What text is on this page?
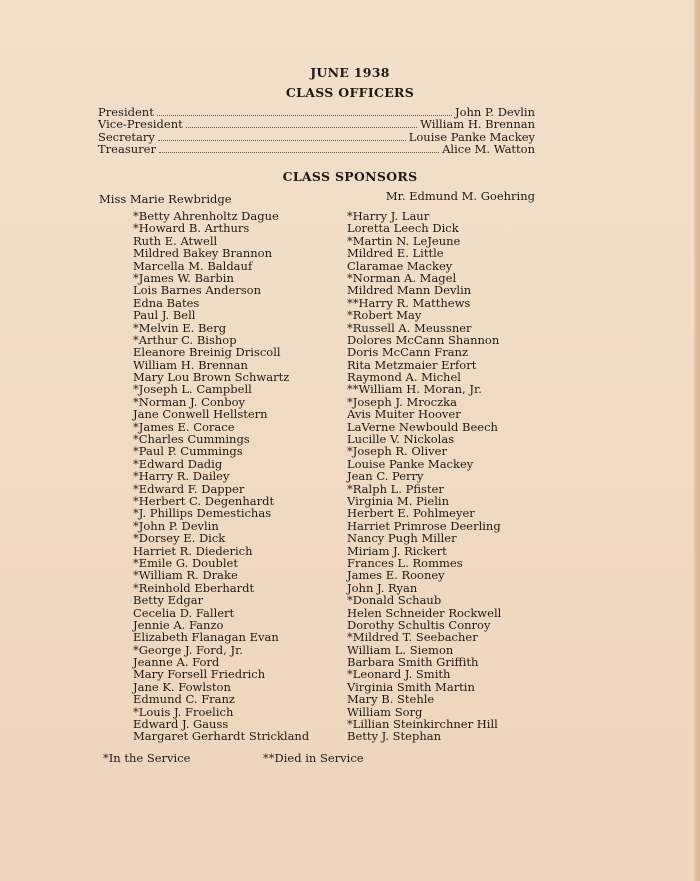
JUNE 1938
CLASS OFFICERS
President	John P. Devlin
Vice-President	William H. Brennan
Secretary	Louise Panke Mackey
Treasurer	Alice M. Watton
CLASS SPONSORS
Miss Marie Rewbridge	Mr. Edmund M. Goehring
*Betty Ahrenholtz Dague
*Howard B. Arthurs
Ruth E. Atwell
Mildred Bakey Brannon
Marcella M. Baldauf
*James W. Barbin
Lois Barnes Anderson
Edna Bates
Paul J. Bell
*Melvin E. Berg
*Arthur C. Bishop
Eleanore Breinig Driscoll
William H. Brennan
Mary Lou Brown Schwartz
*Joseph L. Campbell
*Norman J. Conboy
Jane Conwell Hellstern
*James E. Corace
*Charles Cummings
*Paul P. Cummings
*Edward Dadig
*Harry R. Dailey
*Edward F. Dapper
*Herbert C. Degenhardt
*J. Phillips Demestichas
*John P. Devlin
*Dorsey E. Dick
Harriet R. Diederich
*Emile G. Doublet
*William R. Drake
*Reinhold Eberhardt
Betty Edgar
Cecelia D. Fallert
Jennie A. Fanzo
Elizabeth Flanagan Evan
*George J. Ford, Jr.
Jeanne A. Ford
Mary Forsell Friedrich
Jane K. Fowlston
Edmund C. Franz
*Louis J. Froelich
Edward J. Gauss
Margaret Gerhardt Strickland
*Harry J. Laur
Loretta Leech Dick
*Martin N. LeJeune
Mildred E. Little
Claramae Mackey
*Norman A. Magel
Mildred Mann Devlin
**Harry R. Matthews
*Robert May
*Russell A. Meussner
Dolores McCann Shannon
Doris McCann Franz
Rita Metzmaier Erfort
Raymond A. Michel
**William H. Moran, Jr.
*Joseph J. Mroczka
Avis Muiter Hoover
LaVerne Newbould Beech
Lucille V. Nickolas
*Joseph R. Oliver
Louise Panke Mackey
Jean C. Perry
*Ralph L. Pfister
Virginia M. Pielin
Herbert E. Pohlmeyer
Harriet Primrose Deerling
Nancy Pugh Miller
Miriam J. Rickert
Frances L. Rommes
James E. Rooney
John J. Ryan
*Donald Schaub
Helen Schneider Rockwell
Dorothy Schultis Conroy
*Mildred T. Seebacher
William L. Siemon
Barbara Smith Griffith
*Leonard J. Smith
Virginia Smith Martin
Mary B. Stehle
William Sorg
*Lillian Steinkirchner Hill
Betty J. Stephan
*In the Service	**Died in Service
